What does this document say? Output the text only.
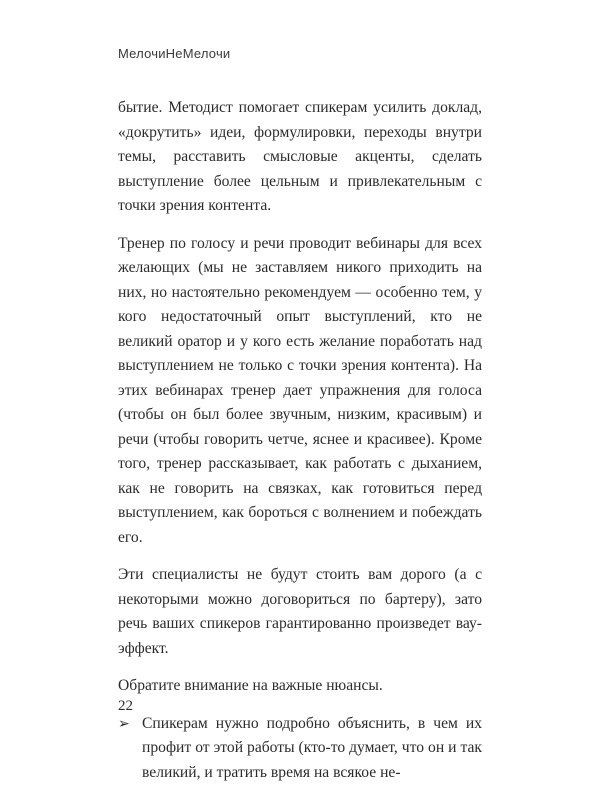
МелочиНеМелочи

бытие. Методист помогает спикерам усилить доклад, «докрутить» идеи, формулировки, переходы внутри темы, расставить смысловые акценты, сделать выступление более цельным и привлекательным с точки зрения контента.

Тренер по голосу и речи проводит вебинары для всех желающих (мы не заставляем никого приходить на них, но настоятельно рекомендуем — особенно тем, у кого недостаточный опыт выступлений, кто не великий оратор и у кого есть желание поработать над выступлением не только с точки зрения контента). На этих вебинарах тренер дает упражнения для голоса (чтобы он был более звучным, низким, красивым) и речи (чтобы говорить четче, яснее и красивее). Кроме того, тренер рассказывает, как работать с дыханием, как не говорить на связках, как готовиться перед выступлением, как бороться с волнением и побеждать его.

Эти специалисты не будут стоить вам дорого (а с некоторыми можно договориться по бартеру), зато речь ваших спикеров гарантированно произведет вау-эффект.

Обратите внимание на важные нюансы.

➢ Спикерам нужно подробно объяснить, в чем их профит от этой работы (кто-то думает, что он и так великий, и тратить время на всякое не-
22
